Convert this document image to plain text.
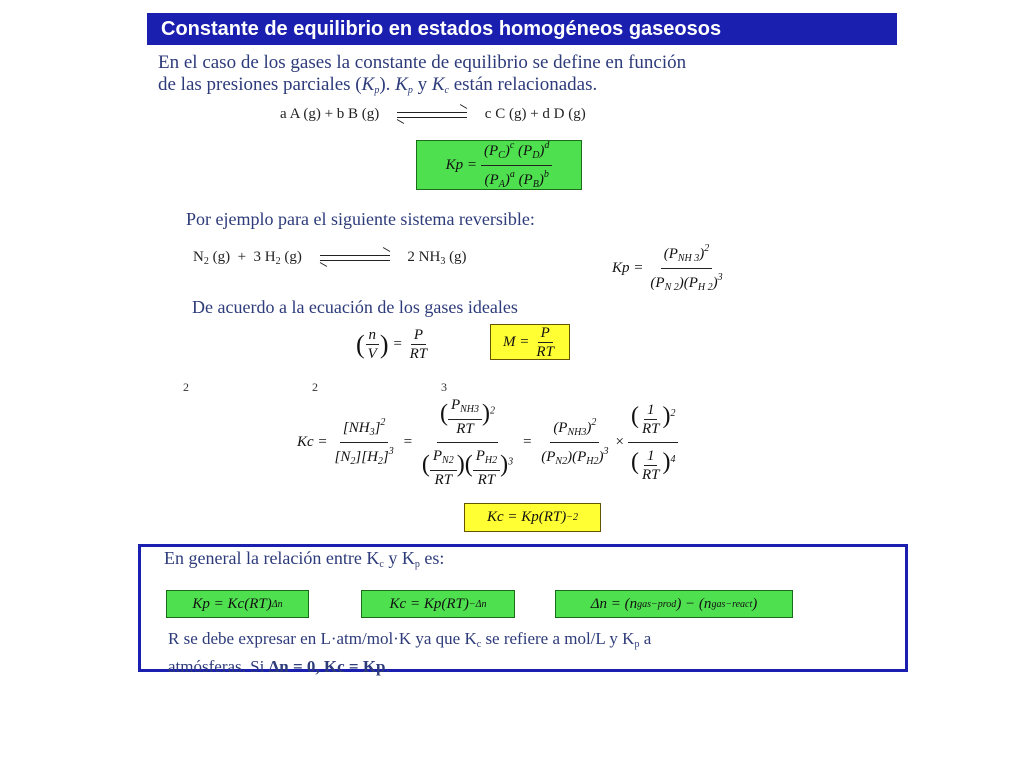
Constante de equilibrio en estados homogéneos gaseosos
En el caso de los gases la constante de equilibrio se define en función
de las presiones parciales $(K_p)$. $K_p$ y $K_c$ están relacionadas.
a A (g) + b B (g)	c C (g) + d D (g)
$Kp = \frac{(P_C)^c (P_D)^d}{(P_A)^a (P_B)^b}$
Por ejemplo para el siguiente sistema reversible:
$N_2$ (g)  +  3 $H_2$ (g)	2 $NH_3$ (g)
$Kp = \frac{(P_{NH 3})^2}{(P_{N 2})(P_{H 2})^3}$
De acuerdo a la ecuación de los gases ideales
( $\frac{n}{V}$ ) = $\frac{P}{RT}$	$M = \frac{P}{RT}$
2 2 3
$Kc = \frac{[NH_3]^2}{[N_2][H_2]^3} = \frac{( \frac{P_{NH3}}{RT} )^2}{( \frac{P_{N2}}{RT} )( \frac{P_{H2}}{RT} )^3} = \frac{(P_{NH3})^2}{(P_{N2})(P_{H2})^3} \times \frac{( \frac{1}{RT} )^2}{( \frac{1}{RT} )^4}$
Kc = Kp(RT) −2
En general la relación entre $K_c$ y $K_p$ es:
Kp = Kc(RT) Δn	Kc = Kp(RT) −Δn	Δn = (n gas−prod ) − (n gas−react )
R se debe expresar en L·atm/mol·K ya que $K_c$ se refiere a mol/L y $K_p$ a
atmósferas. Si Δn = 0, Kc = Kp.
